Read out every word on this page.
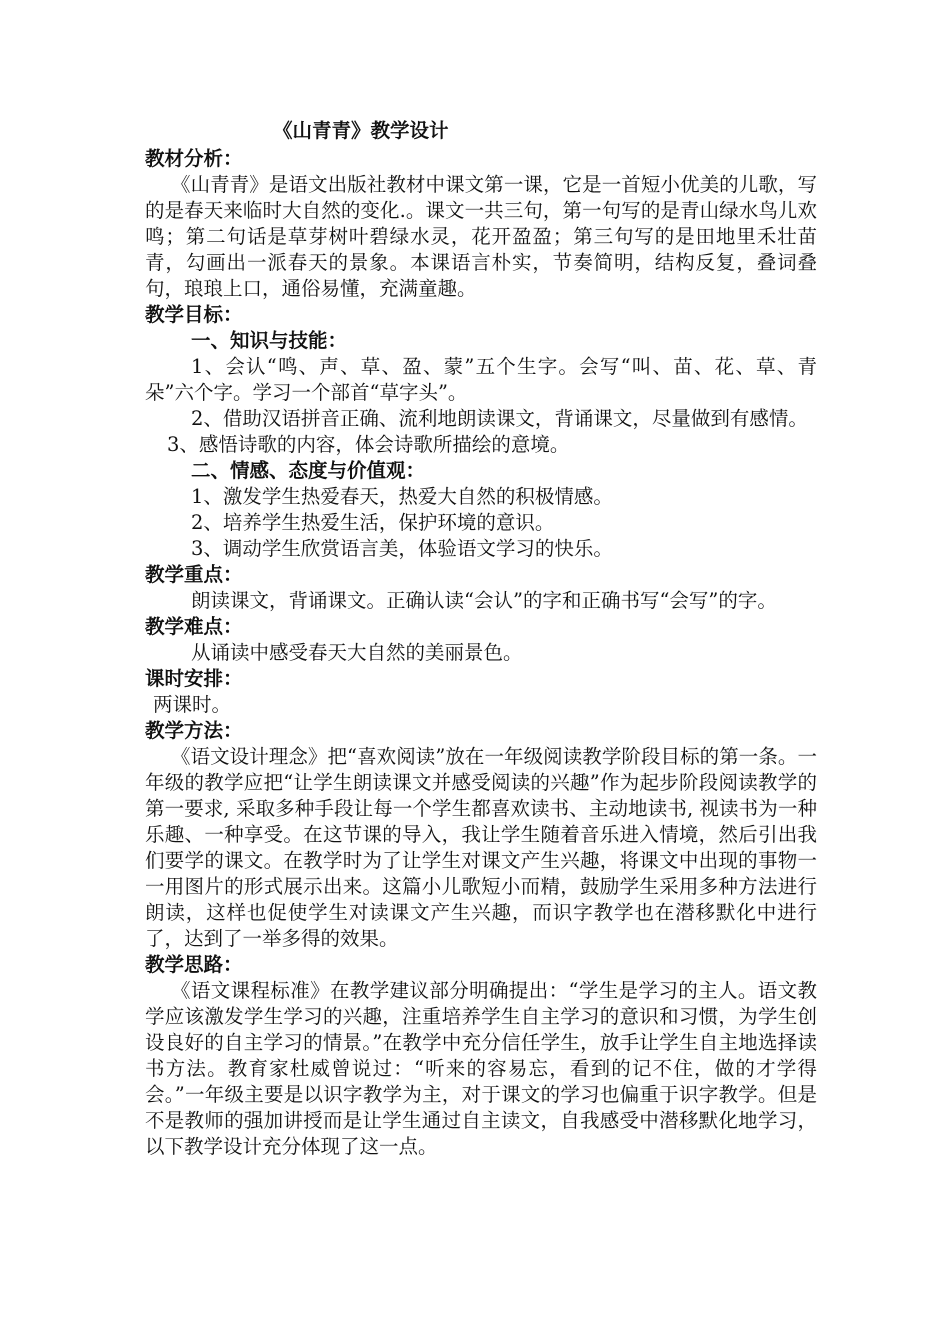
《山青青》教学设计
教材分析：

《山青青》是语文出版社教材中课文第一课，它是一首短小优美的儿歌，写的是春天来临时大自然的变化.。课文一共三句，第一句写的是青山绿水鸟儿欢鸣；第二句话是草芽树叶碧绿水灵，花开盈盈；第三句写的是田地里禾壮苗青，勾画出一派春天的景象。本课语言朴实，节奏简明，结构反复，叠词叠句，琅琅上口，通俗易懂，充满童趣。

教学目标：
一、知识与技能：

1、会认“鸣、声、草、盈、蒙”五个生字。会写“叫、苗、花、草、青朵”六个字。学习一个部首“草字头”。

2、借助汉语拼音正确、流利地朗读课文，背诵课文，尽量做到有感情。

3、感悟诗歌的内容，体会诗歌所描绘的意境。

二、情感、态度与价值观：

1、激发学生热爱春天，热爱大自然的积极情感。

2、培养学生热爱生活，保护环境的意识。

3、调动学生欣赏语言美，体验语文学习的快乐。

教学重点：

朗读课文，背诵课文。正确认读“会认”的字和正确书写“会写”的字。

教学难点：

从诵读中感受春天大自然的美丽景色。

课时安排：

两课时。

教学方法：

《语文设计理念》把“喜欢阅读”放在一年级阅读教学阶段目标的第一条。一年级的教学应把“让学生朗读课文并感受阅读的兴趣”作为起步阶段阅读教学的第一要求, 采取多种手段让每一个学生都喜欢读书、主动地读书, 视读书为一种乐趣、一种享受。在这节课的导入，我让学生随着音乐进入情境，然后引出我们要学的课文。在教学时为了让学生对课文产生兴趣，将课文中出现的事物一一用图片的形式展示出来。这篇小儿歌短小而精，鼓励学生采用多种方法进行朗读，这样也促使学生对读课文产生兴趣，而识字教学也在潜移默化中进行了，达到了一举多得的效果。

教学思路：

《语文课程标准》在教学建议部分明确提出：“学生是学习的主人。语文教学应该激发学生学习的兴趣，注重培养学生自主学习的意识和习惯，为学生创设良好的自主学习的情景。”在教学中充分信任学生，放手让学生自主地选择读书方法。教育家杜威曾说过：“听来的容易忘，看到的记不住，做的才学得会。”一年级主要是以识字教学为主，对于课文的学习也偏重于识字教学。但是不是教师的强加讲授而是让学生通过自主读文，自我感受中潜移默化地学习，以下教学设计充分体现了这一点。
